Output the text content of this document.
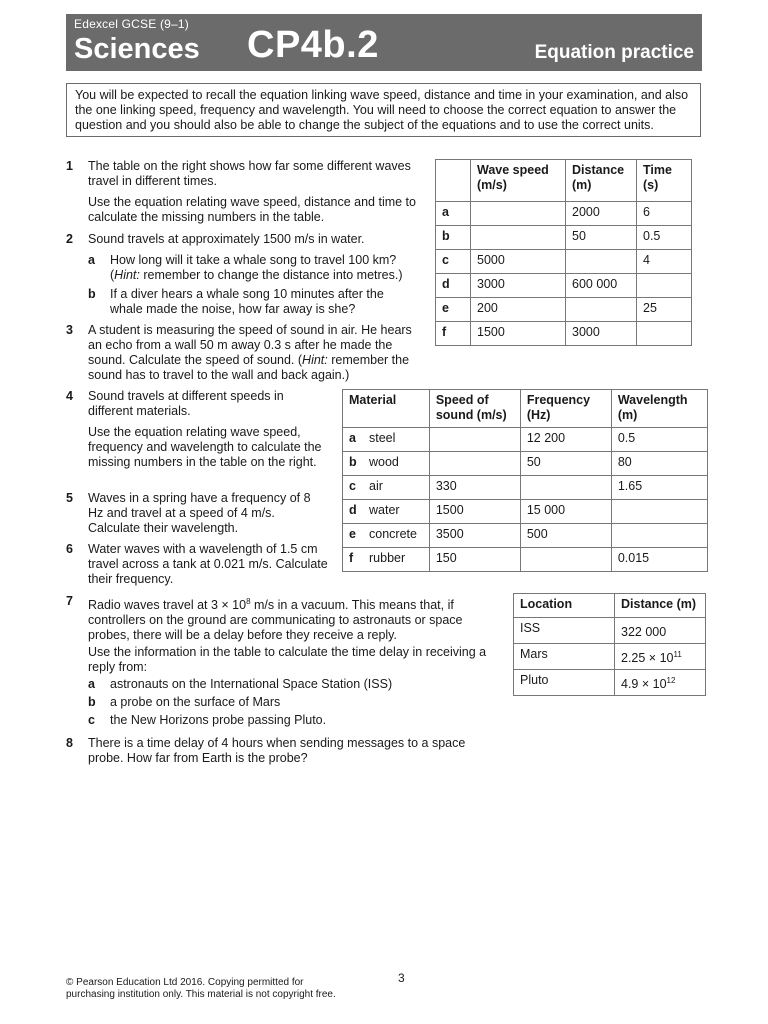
Edexcel GCSE (9–1)
Sciences CP4b.2	Equation practice
You will be expected to recall the equation linking wave speed, distance and time in your examination, and also the one linking speed, frequency and wavelength. You will need to choose the correct equation to answer the question and you should also be able to change the subject of the equations and to use the correct units.
1 The table on the right shows how far some different waves travel in different times.
Use the equation relating wave speed, distance and time to calculate the missing numbers in the table.
2 Sound travels at approximately 1500 m/s in water.
a How long will it take a whale song to travel 100 km? (Hint: remember to change the distance into metres.)
b If a diver hears a whale song 10 minutes after the whale made the noise, how far away is she?
3 A student is measuring the speed of sound in air. He hears an echo from a wall 50 m away 0.3 s after he made the sound. Calculate the speed of sound. (Hint: remember the sound has to travel to the wall and back again.)
	Wave speed (m/s)	Distance (m)	Time (s)
a		2000	6
b		50	0.5
c	5000		4
d	3000	600 000	
e	200		25
f	1500	3000	
4 Sound travels at different speeds in different materials.
Use the equation relating wave speed, frequency and wavelength to calculate the missing numbers in the table on the right.
5 Waves in a spring have a frequency of 8 Hz and travel at a speed of 4 m/s. Calculate their wavelength.
6 Water waves with a wavelength of 1.5 cm travel across a tank at 0.021 m/s. Calculate their frequency.
Material		Speed of sound (m/s)	Frequency (Hz)	Wavelength (m)
a	steel		12 200	0.5
b	wood		50	80
c	air	330		1.65
d	water	1500	15 000	
e	concrete	3500	500	
f	rubber	150		0.015
7 Radio waves travel at $3 \times 10^8$ m/s in a vacuum. This means that, if controllers on the ground are communicating to astronauts or space probes, there will be a delay before they receive a reply.
Use the information in the table to calculate the time delay in receiving a reply from:
a astronauts on the International Space Station (ISS)
b a probe on the surface of Mars
c the New Horizons probe passing Pluto.
Location	Distance (m)
ISS	322 000
Mars	$2.25 \times 10^{11}$
Pluto	$4.9 \times 10^{12}$
8 There is a time delay of 4 hours when sending messages to a space probe. How far from Earth is the probe?
© Pearson Education Ltd 2016. Copying permitted for
purchasing institution only. This material is not copyright free.
3
